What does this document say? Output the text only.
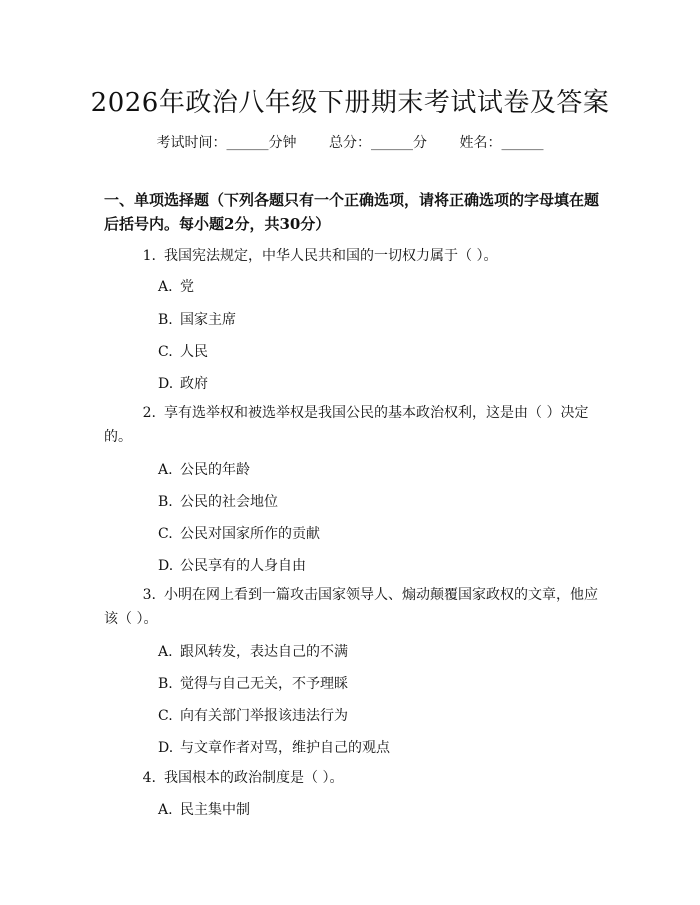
2026年政治八年级下册期末考试试卷及答案
考试时间：______分钟 总分：______分 姓名：______
一、单项选择题（下列各题只有一个正确选项，请将正确选项的字母填在题后括号内。每小题2分，共30分）
1. 我国宪法规定，中华人民共和国的一切权力属于（ ）。
A. 党
B. 国家主席
C. 人民
D. 政府
2. 享有选举权和被选举权是我国公民的基本政治权利，这是由（ ）决定的。
A. 公民的年龄
B. 公民的社会地位
C. 公民对国家所作的贡献
D. 公民享有的人身自由
3. 小明在网上看到一篇攻击国家领导人、煽动颠覆国家政权的文章，他应该（ ）。
A. 跟风转发，表达自己的不满
B. 觉得与自己无关，不予理睬
C. 向有关部门举报该违法行为
D. 与文章作者对骂，维护自己的观点
4. 我国根本的政治制度是（ ）。
A. 民主集中制
